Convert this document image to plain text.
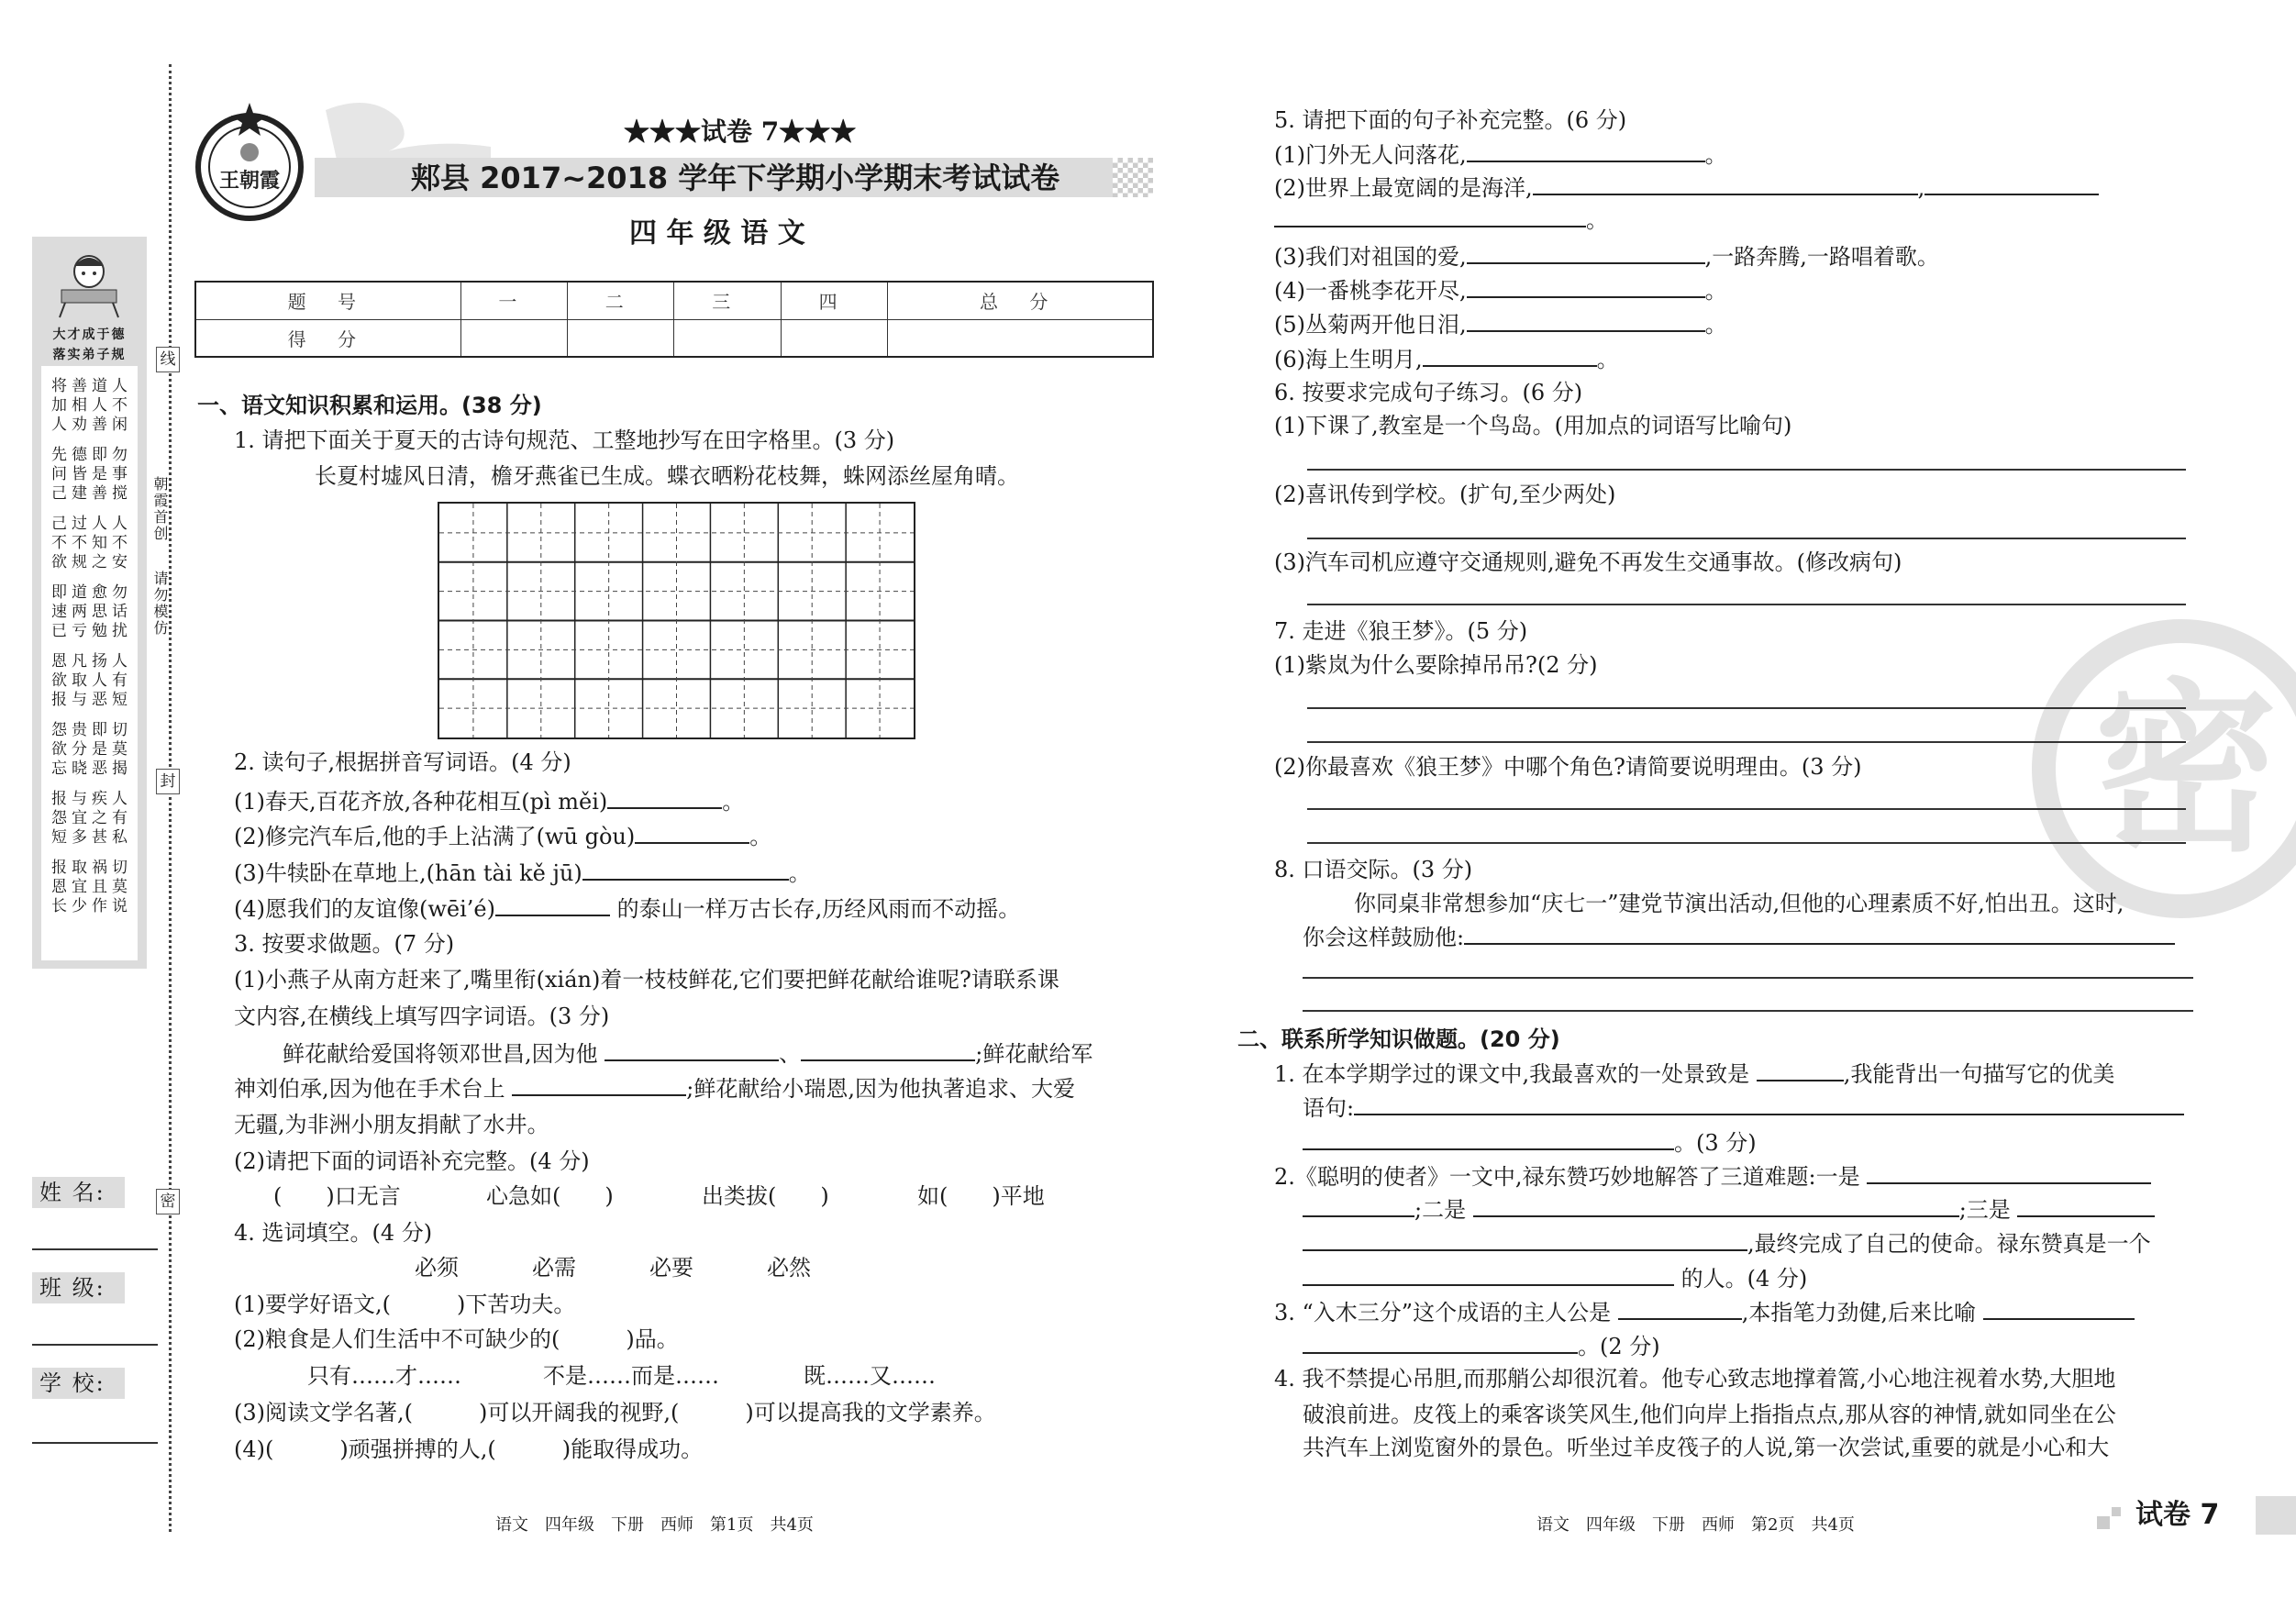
线
封
密
朝霞首创
请勿模仿
大才成于德
落实弟子规
将善道人
加相人不
人劝善闲
先德即勿
问皆是事
己建善搅
己过人人
不不知不
欲规之安
即道愈勿
速两思话
已亏勉扰
恩凡扬人
欲取人有
报与恶短
怨贵即切
欲分是莫
忘晓恶揭
报与疾人
怨宜之有
短多甚私
报取祸切
恩宜且莫
长少作说
姓 名:
班 级:
学 校:
王朝霞
★★★试卷 7★★★
郏县 2017~2018 学年下学期小学期末考试试卷
四 年 级 语 文
题 号	一	二	三	四	总 分
得 分					
一、语文知识积累和运用。(38 分)
1. 请把下面关于夏天的古诗句规范、工整地抄写在田字格里。(3 分)
长夏村墟风日清，檐牙燕雀已生成。蝶衣晒粉花枝舞，蛛网添丝屋角晴。
2. 读句子,根据拼音写词语。(4 分)
(1)春天,百花齐放,各种花相互(pì měi)	。
(2)修完汽车后,他的手上沾满了(wū gòu)	。
(3)牛犊卧在草地上,(hān tài kě jū)	。
(4)愿我们的友谊像(wēi’é)	的泰山一样万古长存,历经风雨而不动摇。
3. 按要求做题。(7 分)
(1)小燕子从南方赶来了,嘴里衔(xián)着一枝枝鲜花,它们要把鲜花献给谁呢?请联系课
文内容,在横线上填写四字词语。(3 分)
鲜花献给爱国将领邓世昌,因为他	、	;鲜花献给军
神刘伯承,因为他在手术台上	;鲜花献给小瑞恩,因为他执著追求、大爱
无疆,为非洲小朋友捐献了水井。
(2)请把下面的词语补充完整。(4 分)
(　　)口无言	心急如(　　)	出类拔(　　)	如(　　)平地
4. 选词填空。(4 分)
必须	必需	必要	必然
(1)要学好语文,(　　　)下苦功夫。
(2)粮食是人们生活中不可缺少的(　　　)品。
只有……才……	不是……而是……	既……又……
(3)阅读文学名著,(　　　)可以开阔我的视野,(　　　)可以提高我的文学素养。
(4)(　　　)顽强拼搏的人,(　　　)能取得成功。
语文　四年级　下册　西师　第1页　共4页
密
5. 请把下面的句子补充完整。(6 分)
(1)门外无人问落花,	。
(2)世界上最宽阔的是海洋,	,
。
(3)我们对祖国的爱,	,一路奔腾,一路唱着歌。
(4)一番桃李花开尽,	。
(5)丛菊两开他日泪,	。
(6)海上生明月,	。
6. 按要求完成句子练习。(6 分)
(1)下课了,教室是一个鸟岛。(用加点的词语写比喻句)
(2)喜讯传到学校。(扩句,至少两处)
(3)汽车司机应遵守交通规则,避免不再发生交通事故。(修改病句)
7. 走进《狼王梦》。(5 分)
(1)紫岚为什么要除掉吊吊?(2 分)
(2)你最喜欢《狼王梦》中哪个角色?请简要说明理由。(3 分)
8. 口语交际。(3 分)
你同桌非常想参加“庆七一”建党节演出活动,但他的心理素质不好,怕出丑。这时,
你会这样鼓励他:
二、联系所学知识做题。(20 分)
1. 在本学期学过的课文中,我最喜欢的一处景致是	,我能背出一句描写它的优美
语句:
。(3 分)
2.《聪明的使者》一文中,禄东赞巧妙地解答了三道难题:一是
;二是	;三是
,最终完成了自己的使命。禄东赞真是一个
的人。(4 分)
3. “入木三分”这个成语的主人公是	,本指笔力劲健,后来比喻
。(2 分)
4. 我不禁提心吊胆,而那艄公却很沉着。他专心致志地撑着篙,小心地注视着水势,大胆地
破浪前进。皮筏上的乘客谈笑风生,他们向岸上指指点点,那从容的神情,就如同坐在公
共汽车上浏览窗外的景色。听坐过羊皮筏子的人说,第一次尝试,重要的就是小心和大
语文　四年级　下册　西师　第2页　共4页	试卷 7
